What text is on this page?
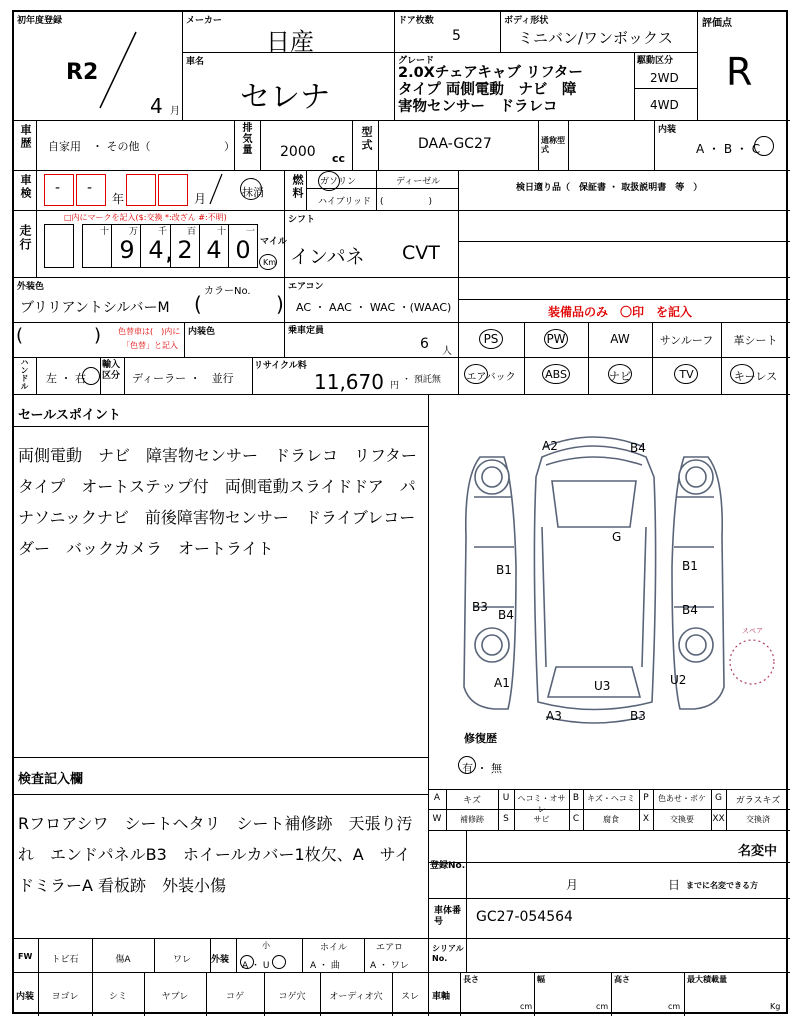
初年度登録
R2
4 月
メーカー
日産
ドア枚数
5
ボディ形状
ミニバン/ワンボックス
評価点
R
車名
セレナ
グレード
2.0Xチェアキャブ リフター
タイプ 両側電動　ナビ　障
害物センサー　ドラレコ
駆動区分
2WD
4WD
車歴 自家用　・ その他（	） 排気量 2000 cc
型式	DAA-GC27	通称型式
内装
A ・ B ・ C
車検 - -
年	月	抹消 燃料 ガソリン	ディーゼル
ハイブリッド (　　　　　)
検日適り品（　保証書 ・ 取扱説明書　等　）
走行
□内にマークを記入($:交換 *:改ざん #:不明)
十 万 千 百 十 一
9 4 2 4 0
,
マイル
Km
シフト
インパネ CVT
外装色
ブリリアントシルバーM
カラーNo.
(	)
エアコン
AC ・ AAC ・ WAC ・(WAAC)	装備品のみ　〇印　を記入
(	) 色替車は(　)内に
「色替」と記入
内装色	乗車定員
6 人
PS	PW	AW	サンルーフ	革シート
エアバック	ABS	ナビ	TV	キーレス
ハンドル 左 ・ 右
輸入区分	ディーラー ・　並行
リサイクル料
11,670 円
・ 預託無
セールスポイント
両側電動　ナビ　障害物センサー　ドラレコ　リフター
タイプ　オートステップ付　両側電動スライドドア　パ
ナソニックナビ　前後障害物センサー　ドライブレコー
ダー　バックカメラ　オートライト
A2	B4
G
B1	B1
B3
B4	B4
A1	U3	U2
A3	B3
スペア
修復歴
有 ・ 無
A	キズ	U	ヘコミ・オサレ
B キズ・ヘコミ P	色あせ・ボケ	G	ガラスキズ
W	補修跡	S	サビ	C	腐食	X	交換要	XX	交換済
検査記入欄
Rフロアシワ　シートヘタリ　シート補修跡　天張り汚
れ　エンドパネルB3　ホイールカバー1枚欠、A　サイ
ドミラーA 看板跡　外装小傷
登録No.
名変中
月	日 までに名変できる方
車体番号	GC27-054564
FW	トビ石	傷A	ワレ	外装
小
A ・ U
ホイル
A ・ 曲
エアロ
A ・ ワレ
シリアルNo.
内装	ヨゴレ	シミ	ヤブレ	コゲ	コゲ穴	オーディオ穴	スレ	車軸
長さ
cm
幅
cm
高さ
cm
最大積載量
Kg
